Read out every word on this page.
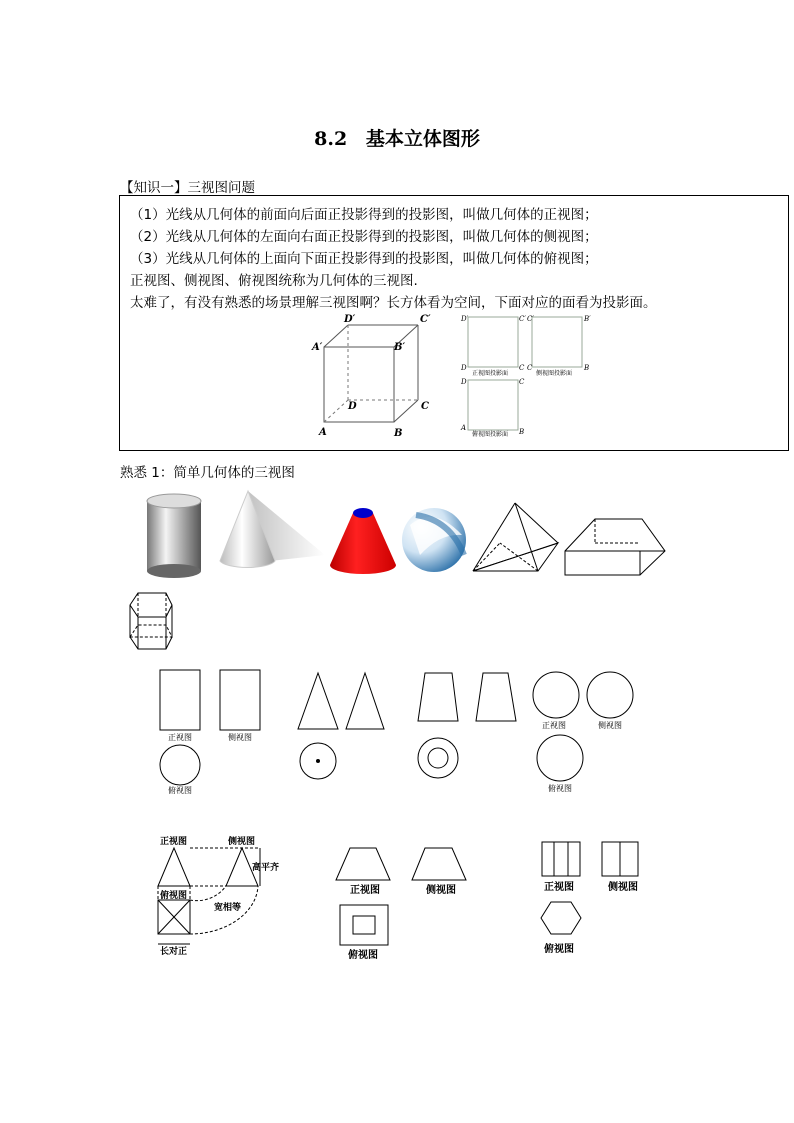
8.2 基本立体图形
【知识一】三视图问题
（1）光线从几何体的前面向后面正投影得到的投影图，叫做几何体的正视图；
（2）光线从几何体的左面向右面正投影得到的投影图，叫做几何体的侧视图；
（3）光线从几何体的上面向下面正投影得到的投影图，叫做几何体的俯视图；
正视图、侧视图、俯视图统称为几何体的三视图.
太难了，有没有熟悉的场景理解三视图啊？长方体看为空间，下面对应的面看为投影面。
D′	C′
A′	B′
D	C
A	B
D′	C′ C′	B′
D	C C	B
D	C
A	B
正视图投影面	侧视图投影面
俯视图投影面
熟悉 1：简单几何体的三视图
正视图	侧视图
俯视图
正视图	侧视图
俯视图
正视图	侧视图
俯视图
高平齐
宽相等
长对正
正视图	侧视图
俯视图
正视图	侧视图
俯视图
